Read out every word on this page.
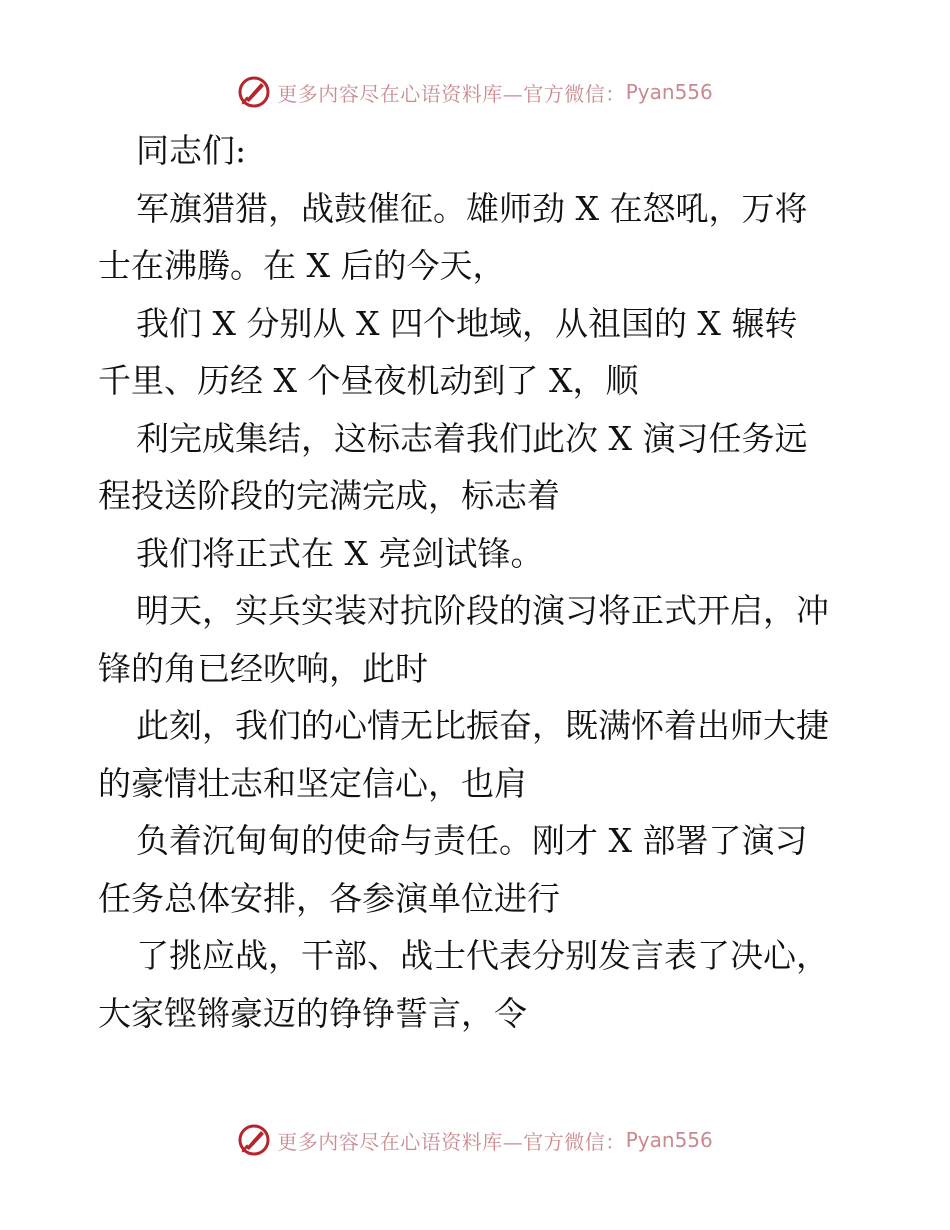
更多内容尽在心语资料库—官方微信： Pyan556
同志们:
军旗猎猎，战鼓催征。雄师劲 X 在怒吼，万将
士在沸腾。在 X 后的今天，
我们 X 分别从 X 四个地域，从祖国的 X 辗转
千里、历经 X 个昼夜机动到了 X，顺
利完成集结，这标志着我们此次 X 演习任务远
程投送阶段的完满完成，标志着
我们将正式在 X 亮剑试锋。
明天，实兵实装对抗阶段的演习将正式开启，冲
锋的角已经吹响，此时
此刻，我们的心情无比振奋，既满怀着出师大捷
的豪情壮志和坚定信心，也肩
负着沉甸甸的使命与责任。刚才 X 部署了演习
任务总体安排，各参演单位进行
了挑应战，干部、战士代表分别发言表了决心，
大家铿锵豪迈的铮铮誓言，令
更多内容尽在心语资料库—官方微信： Pyan556
